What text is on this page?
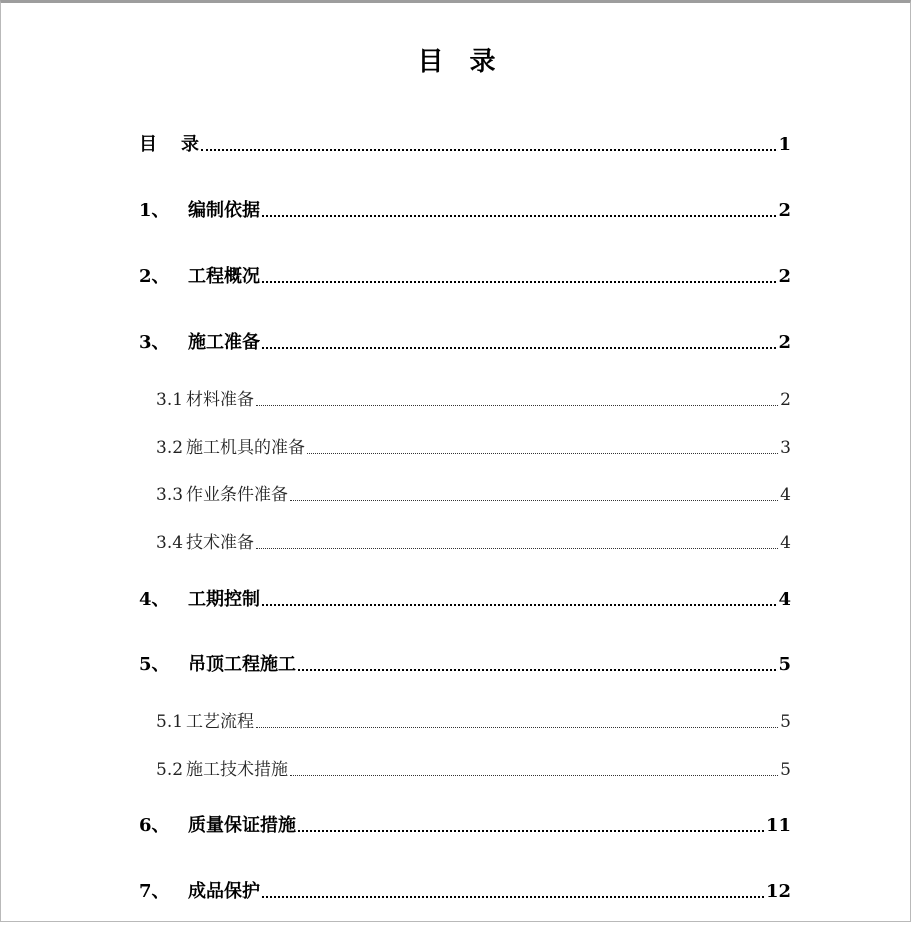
目 录
目	录	1
1、	编制依据	2
2、	工程概况	2
3、	施工准备	2
3.1 材料准备	2
3.2 施工机具的准备	3
3.3 作业条件准备	4
3.4 技术准备	4
4、	工期控制	4
5、	吊顶工程施工	5
5.1 工艺流程	5
5.2 施工技术措施	5
6、	质量保证措施	11
7、	成品保护	12
